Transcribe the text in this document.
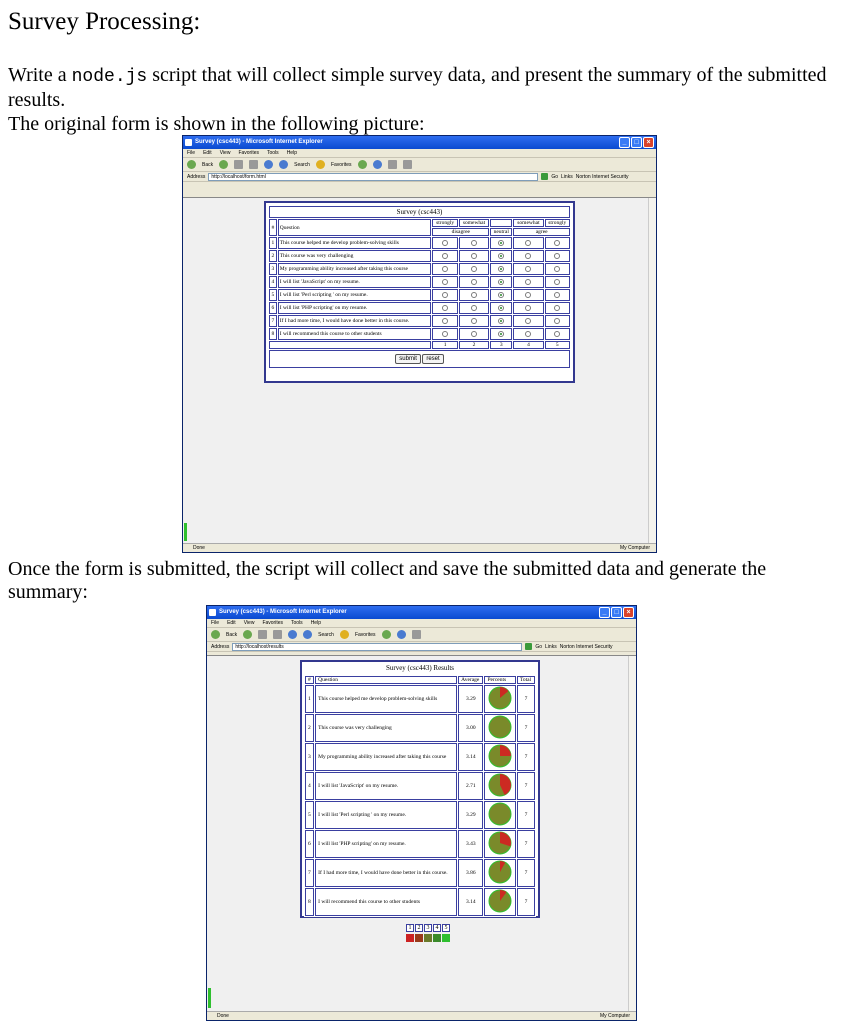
Survey Processing:

Write a node.js script that will collect simple survey data, and present the summary of the submitted results.

The original form is shown in the following picture:

Survey (csc443) - Microsoft Internet Explorer	_	□	×
File Edit View Favorites Tools Help
Back	Search	Favorites
Address	http://localhost/form.html	Go Links Norton Internet Security
Survey (csc443)						
#	Question	strongly	somewhat		somewhat	strongly
		disagree		neutral	agree	
1	This course helped me develop problem-solving skills					
2	This course was very challenging					
3	My programming ability increased after taking this course					
4	I will list 'JavaScript' on my resume.					
5	I will list 'Perl scripting ' on my resume.					
6	I will list 'PHP scripting' on my resume.					
7	If I had more time, I would have done better in this course.					
8	I will recommend this course to other students					
		1	2	3	4	5
submit reset						
Done	My Computer

Once the form is submitted, the script will collect and save the submitted data and generate the summary:

Survey (csc443) - Microsoft Internet Explorer	_	□	×
File Edit View Favorites Tools Help
Back	Search	Favorites
Address	http://localhost/results	Go Links Norton Internet Security
Survey (csc443) Results
#	Question	Average	Percents	Total
1	This course helped me develop problem-solving skills	3.29		7
2	This course was very challenging	3.00		7
3	My programming ability increased after taking this course	3.14		7
4	I will list 'JavaScript' on my resume.	2.71		7
5	I will list 'Perl scripting ' on my resume.	3.29		7
6	I will list 'PHP scripting' on my resume.	3.43		7
7	If I had more time, I would have done better in this course.	3.86		7
8	I will recommend this course to other students	3.14		7
1	2	3	4	5
Done	My Computer
